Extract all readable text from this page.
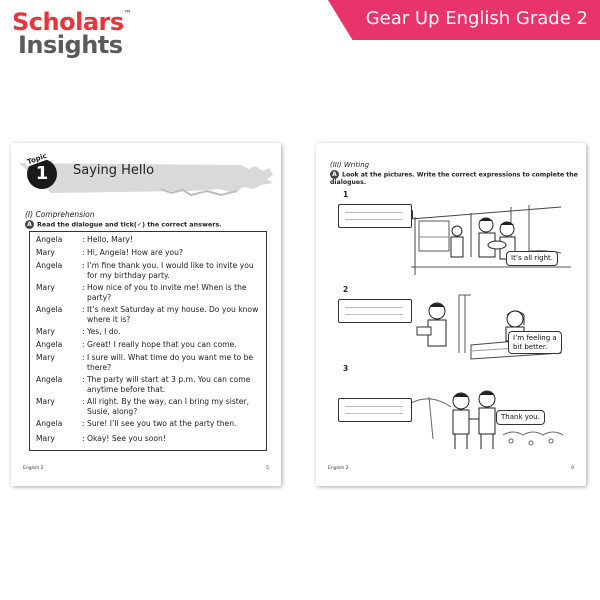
Scholars™
Insights
Gear Up English Grade 2
Topic
1	Saying Hello
(I) Comprehension
A Read the dialogue and tick(✓) the correct answers.
Angela	: Hello, Mary!
Mary	: Hi, Angela! How are you?
Angela	: I’m fine thank you. I would like to invite you for my birthday party.
Mary	: How nice of you to invite me! When is the party?
Angela	: It’s next Saturday at my house. Do you know where it is?
Mary	: Yes, I do.
Angela	: Great! I really hope that you can come.
Mary	: I sure will. What time do you want me to be there?
Angela	: The party will start at 3 p.m. You can come anytime before that.
Mary	: All right. By the way, can I bring my sister, Susie, along?
Angela	: Sure! I’ll see you two at the party then.
Mary	: Okay! See you soon!
English 2	5
(III) Writing
A Look at the pictures. Write the correct expressions to complete the dialogues.
1
It’s all right.
2
I’m feeling a bit better.
3
Thank you.
English 2	9
